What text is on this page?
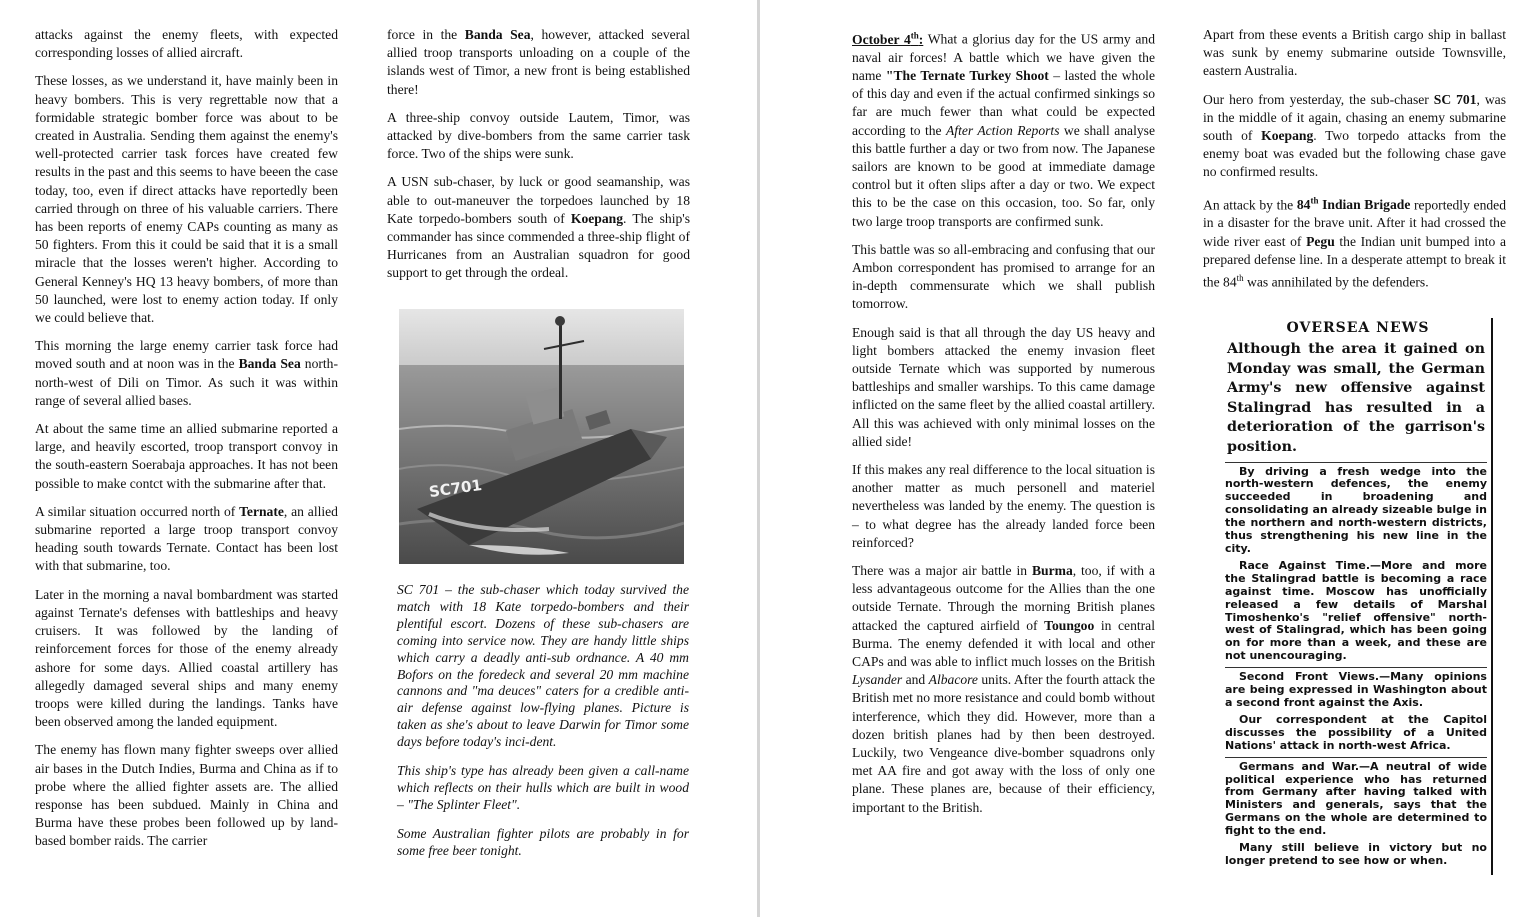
attacks against the enemy fleets, with expected corresponding losses of allied aircraft.

These losses, as we understand it, have mainly been in heavy bombers. This is very regrettable now that a formidable strategic bomber force was about to be created in Australia. Sending them against the enemy's well-protected carrier task forces have created few results in the past and this seems to have beeen the case today, too, even if direct attacks have reportedly been carried through on three of his valuable carriers. There has been reports of enemy CAPs counting as many as 50 fighters. From this it could be said that it is a small miracle that the losses weren't higher. According to General Kenney's HQ 13 heavy bombers, of more than 50 launched, were lost to enemy action today. If only we could believe that.

This morning the large enemy carrier task force had moved south and at noon was in the Banda Sea north-north-west of Dili on Timor. As such it was within range of several allied bases.

At about the same time an allied submarine reported a large, and heavily escorted, troop transport convoy in the south-eastern Soerabaja approaches. It has not been possible to make contct with the submarine after that.

A similar situation occurred north of Ternate, an allied submarine reported a large troop transport convoy heading south towards Ternate. Contact has been lost with that submarine, too.

Later in the morning a naval bombardment was started against Ternate's defenses with battleships and heavy cruisers. It was followed by the landing of reinforcement forces for those of the enemy already ashore for some days. Allied coastal artillery has allegedly damaged several ships and many enemy troops were killed during the landings. Tanks have been observed among the landed equipment.

The enemy has flown many fighter sweeps over allied air bases in the Dutch Indies, Burma and China as if to probe where the allied fighter assets are. The allied response has been subdued. Mainly in China and Burma have these probes been followed up by land-based bomber raids. The carrier

force in the Banda Sea, however, attacked several allied troop transports unloading on a couple of the islands west of Timor, a new front is being established there!

A three-ship convoy outside Lautem, Timor, was attacked by dive-bombers from the same carrier task force. Two of the ships were sunk.

A USN sub-chaser, by luck or good seamanship, was able to out-maneuver the torpedoes launched by 18 Kate torpedo-bombers south of Koepang. The ship's commander has since commended a three-ship flight of Hurricanes from an Australian squadron for good support to get through the ordeal.

SC701

SC 701 – the sub-chaser which today survived the match with 18 Kate torpedo-bombers and their plentiful escort. Dozens of these sub-chasers are coming into service now. They are handy little ships which carry a deadly anti-sub ordnance. A 40 mm Bofors on the foredeck and several 20 mm machine cannons and "ma deuces" caters for a credible anti-air defense against low-flying planes. Picture is taken as she's about to leave Darwin for Timor some days before today's inci-dent.

This ship's type has already been given a call-name which reflects on their hulls which are built in wood – "The Splinter Fleet".

Some Australian fighter pilots are probably in for some free beer tonight.

October 4th: What a glorius day for the US army and naval air forces! A battle which we have given the name "The Ternate Turkey Shoot – lasted the whole of this day and even if the actual confirmed sinkings so far are much fewer than what could be expected according to the After Action Reports we shall analyse this battle further a day or two from now. The Japanese sailors are known to be good at immediate damage control but it often slips after a day or two. We expect this to be the case on this occasion, too. So far, only two large troop transports are confirmed sunk.

This battle was so all-embracing and confusing that our Ambon correspondent has promised to arrange for an in-depth commensurate which we shall publish tomorrow.

Enough said is that all through the day US heavy and light bombers attacked the enemy invasion fleet outside Ternate which was supported by numerous battleships and smaller warships. To this came damage inflicted on the same fleet by the allied coastal artillery. All this was achieved with only minimal losses on the allied side!

If this makes any real difference to the local situation is another matter as much personell and materiel nevertheless was landed by the enemy. The question is – to what degree has the already landed force been reinforced?

There was a major air battle in Burma, too, if with a less advantageous outcome for the Allies than the one outside Ternate. Through the morning British planes attacked the captured airfield of Toungoo in central Burma. The enemy defended it with local and other CAPs and was able to inflict much losses on the British Lysander and Albacore units. After the fourth attack the British met no more resistance and could bomb without interference, which they did. However, more than a dozen british planes had by then been destroyed. Luckily, two Vengeance dive-bomber squadrons only met AA fire and got away with the loss of only one plane. These planes are, because of their efficiency, important to the British.

Apart from these events a British cargo ship in ballast was sunk by enemy submarine outside Townsville, eastern Australia.

Our hero from yesterday, the sub-chaser SC 701, was in the middle of it again, chasing an enemy submarine south of Koepang. Two torpedo attacks from the enemy boat was evaded but the following chase gave no confirmed results.

An attack by the 84th Indian Brigade reportedly ended in a disaster for the brave unit. After it had crossed the wide river east of Pegu the Indian unit bumped into a prepared defense line. In a desperate attempt to break it the 84th was annihilated by the defenders.

OVERSEA NEWS
Although the area it gained on Monday was small, the German Army's new offensive against Stalingrad has resulted in a deterioration of the garrison's position.
By driving a fresh wedge into the north-western defences, the enemy succeeded in broadening and consolidating an already sizeable bulge in the northern and north-western districts, thus strengthening his new line in the city.
Race Against Time.—More and more the Stalingrad battle is becoming a race against time. Moscow has unofficially released a few details of Marshal Timoshenko's "relief offensive" north-west of Stalingrad, which has been going on for more than a week, and these are not unencouraging.
Second Front Views.—Many opinions are being expressed in Washington about a second front against the Axis.
Our correspondent at the Capitol discusses the possibility of a United Nations' attack in north-west Africa.
Germans and War.—A neutral of wide political experience who has returned from Germany after having talked with Ministers and generals, says that the Germans on the whole are determined to fight to the end.
Many still believe in victory but no longer pretend to see how or when.
